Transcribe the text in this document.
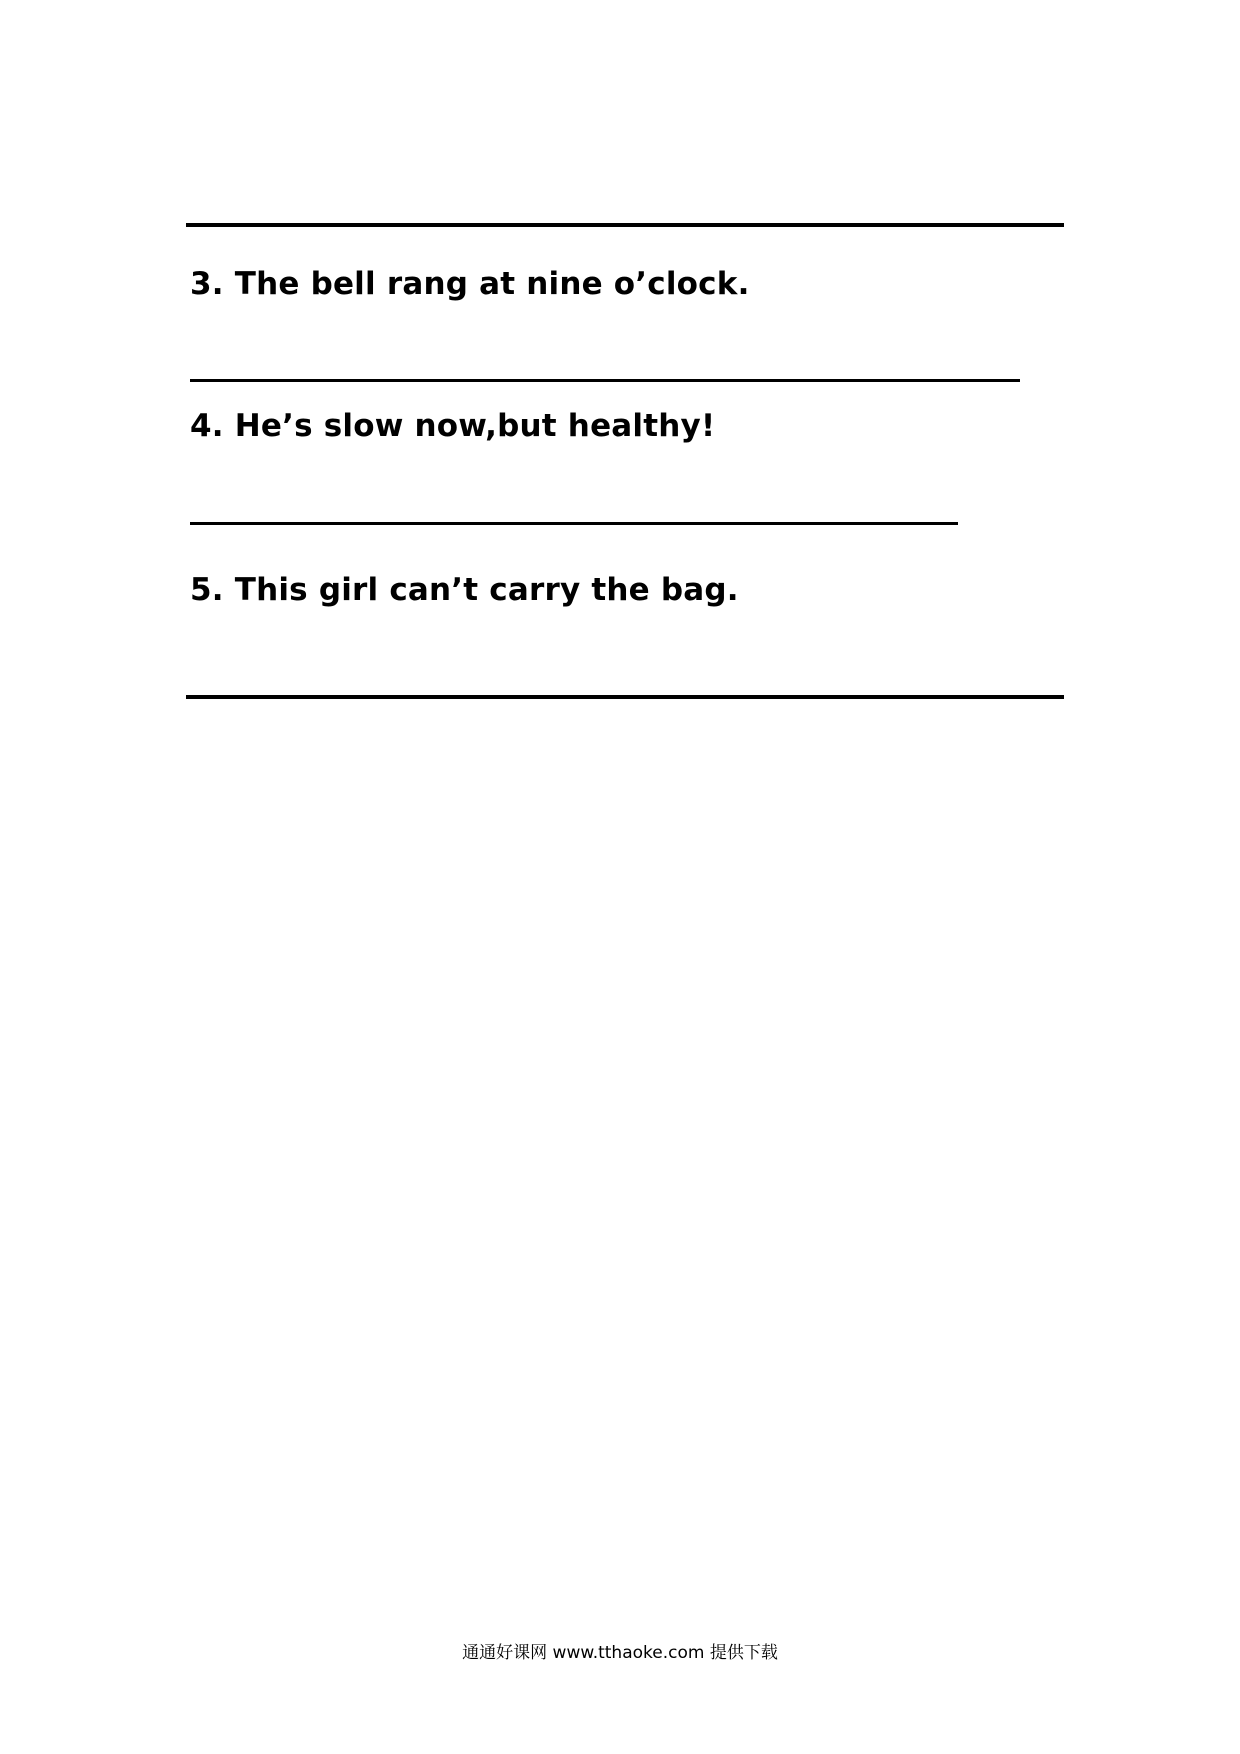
3. The bell rang at nine o’clock.
4. He’s slow now,but healthy!
5. This girl can’t carry the bag.
通通好课网 www.tthaoke.com 提供下载
